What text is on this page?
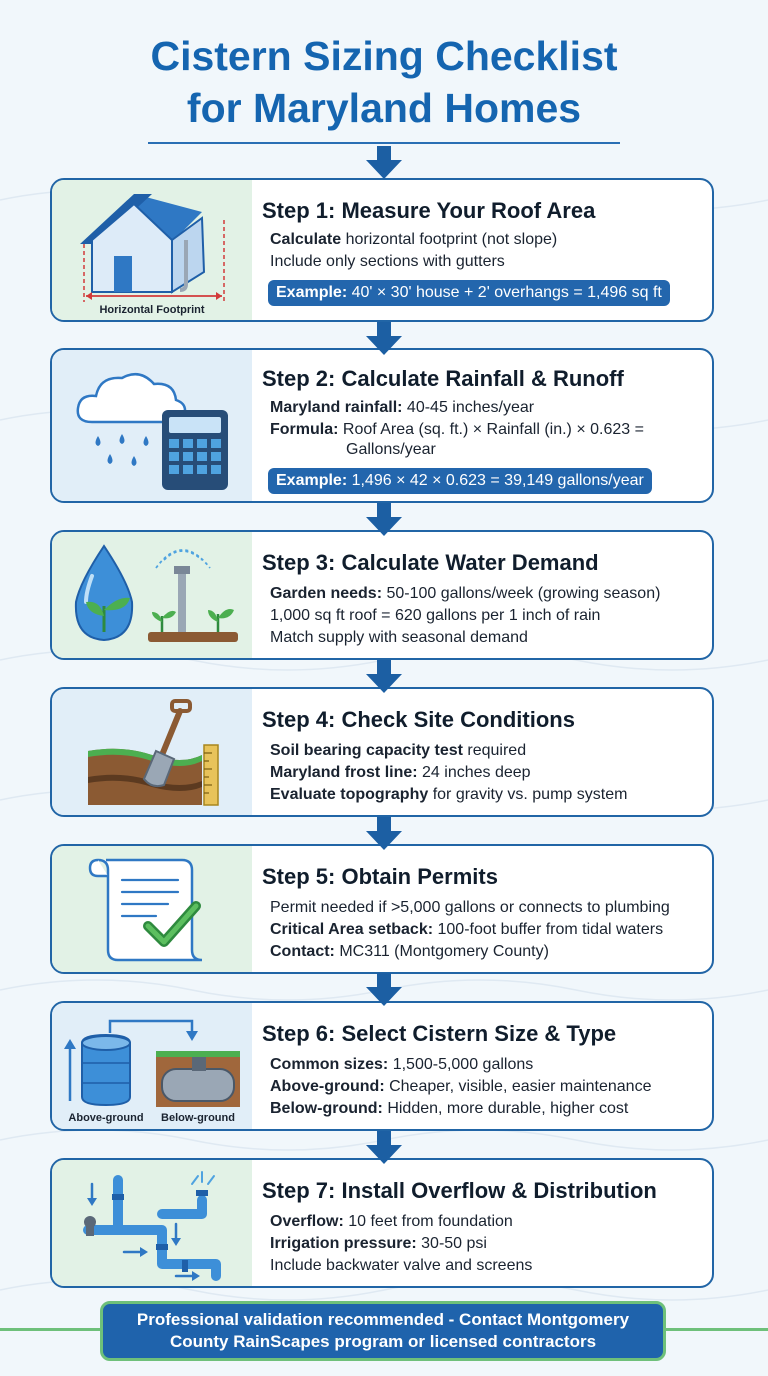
Cistern Sizing Checklist
for Maryland Homes
Horizontal Footprint
Step 1: Measure Your Roof Area
Calculate horizontal footprint (not slope)
Include only sections with gutters
Example: 40' × 30' house + 2' overhangs = 1,496 sq ft
Step 2: Calculate Rainfall & Runoff
Maryland rainfall: 40-45 inches/year
Formula: Roof Area (sq. ft.) × Rainfall (in.) × 0.623 =
Gallons/year
Example: 1,496 × 42 × 0.623 = 39,149 gallons/year
Step 3: Calculate Water Demand
Garden needs: 50-100 gallons/week (growing season)
1,000 sq ft roof = 620 gallons per 1 inch of rain
Match supply with seasonal demand
Step 4: Check Site Conditions
Soil bearing capacity test required
Maryland frost line: 24 inches deep
Evaluate topography for gravity vs. pump system
Step 5: Obtain Permits
Permit needed if >5,000 gallons or connects to plumbing
Critical Area setback: 100-foot buffer from tidal waters
Contact: MC311 (Montgomery County)
Above-ground Below-ground
Step 6: Select Cistern Size & Type
Common sizes: 1,500-5,000 gallons
Above-ground: Cheaper, visible, easier maintenance
Below-ground: Hidden, more durable, higher cost
Step 7: Install Overflow & Distribution
Overflow: 10 feet from foundation
Irrigation pressure: 30-50 psi
Include backwater valve and screens
Professional validation recommended - Contact Montgomery
County RainScapes program or licensed contractors
